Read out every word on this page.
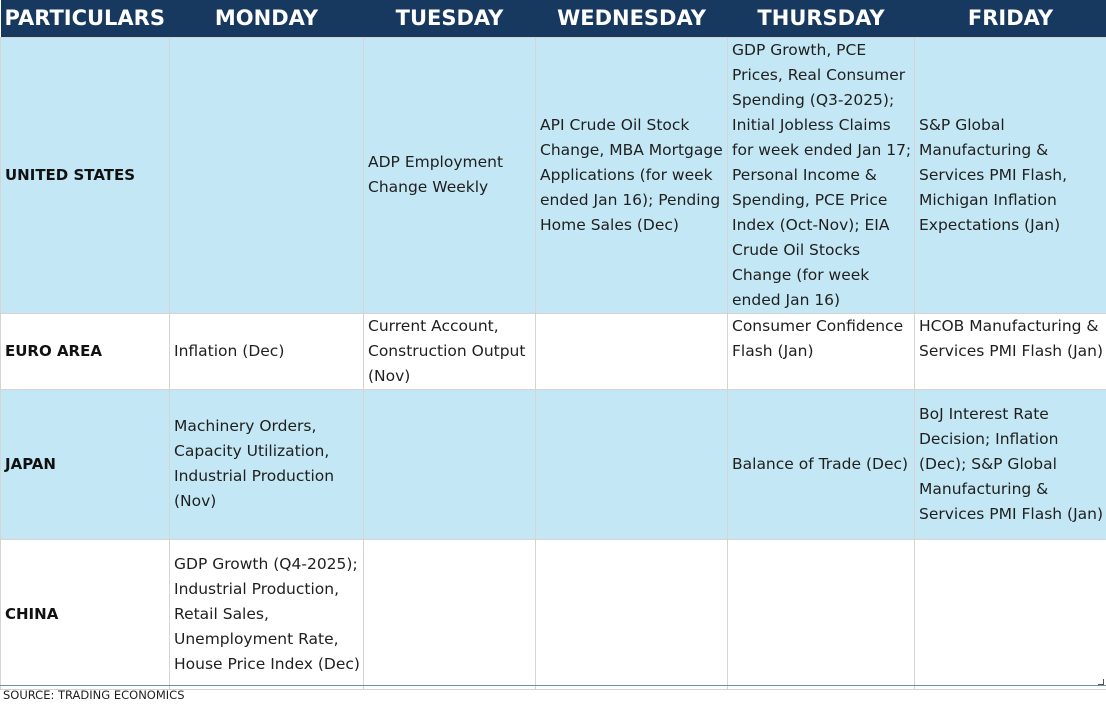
PARTICULARS	MONDAY	TUESDAY	WEDNESDAY	THURSDAY	FRIDAY
UNITED STATES		ADP Employment Change Weekly	API Crude Oil Stock Change, MBA Mortgage Applications (for week ended Jan 16); Pending Home Sales (Dec)	GDP Growth, PCE Prices, Real Consumer Spending (Q3-2025); Initial Jobless Claims for week ended Jan 17; Personal Income & Spending, PCE Price Index (Oct-Nov); EIA Crude Oil Stocks Change (for week ended Jan 16)	S&P Global Manufacturing & Services PMI Flash, Michigan Inflation Expectations (Jan)
EURO AREA	Inflation (Dec)	Current Account, Construction Output (Nov)		Consumer Confidence Flash (Jan)	HCOB Manufacturing & Services PMI Flash (Jan)
JAPAN	Machinery Orders, Capacity Utilization, Industrial Production (Nov)			Balance of Trade (Dec)	BoJ Interest Rate Decision; Inflation (Dec); S&P Global Manufacturing & Services PMI Flash (Jan)
CHINA	GDP Growth (Q4-2025); Industrial Production, Retail Sales, Unemployment Rate, House Price Index (Dec)				
SOURCE: TRADING ECONOMICS
